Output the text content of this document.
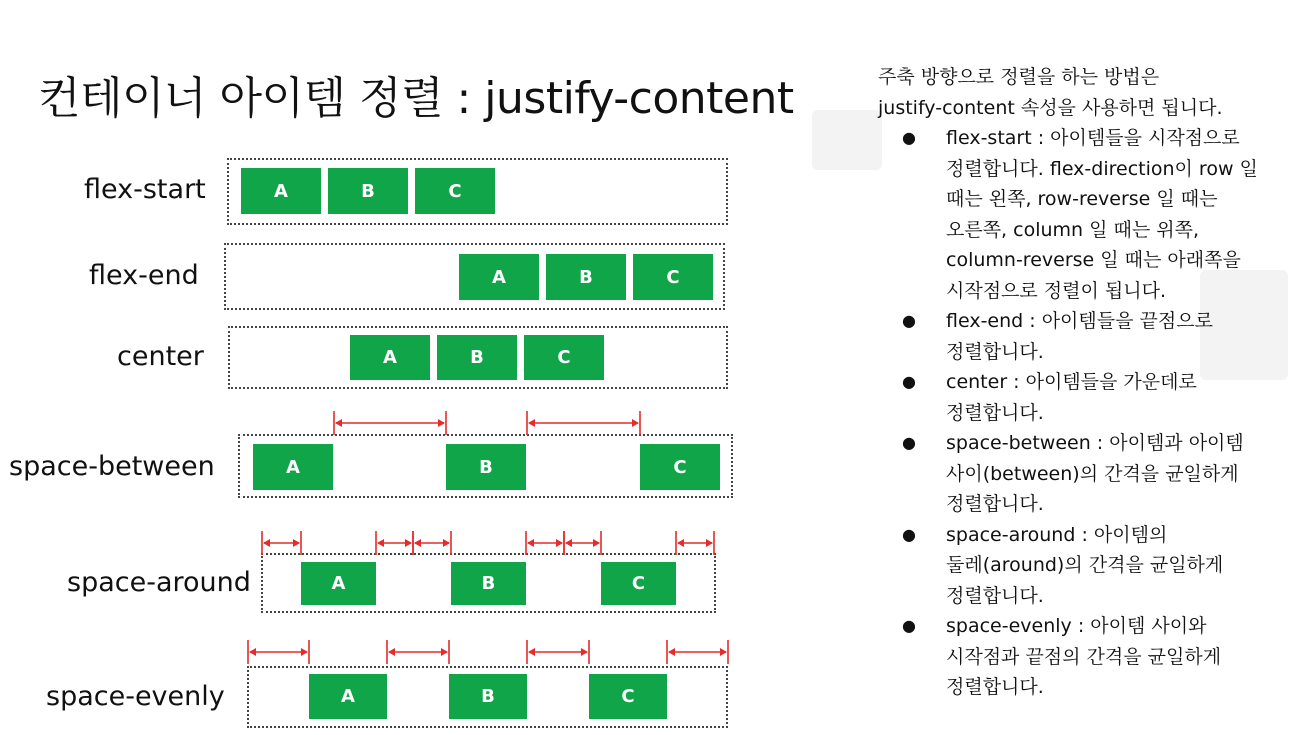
컨테이너 아이템 정렬 : justify-content
flex-start
flex-end
center
space-between
space-around
space-evenly
A	B	C
A	B	C
A	B	C
A	B	C
A	B	C
A	B	C

주축 방향으로 정렬을 하는 방법은

justify-content 속성을 사용하면 됩니다.

● flex-start : 아이템들을 시작점으로
정렬합니다. flex-direction이 row 일
때는 왼쪽, row-reverse 일 때는
오른쪽, column 일 때는 위쪽,
column-reverse 일 때는 아래쪽을
시작점으로 정렬이 됩니다.
● flex-end : 아이템들을 끝점으로
정렬합니다.
● center : 아이템들을 가운데로
정렬합니다.
● space-between : 아이템과 아이템
사이(between)의 간격을 균일하게
정렬합니다.
● space-around : 아이템의
둘레(around)의 간격을 균일하게
정렬합니다.
● space-evenly : 아이템 사이와
시작점과 끝점의 간격을 균일하게
정렬합니다.
